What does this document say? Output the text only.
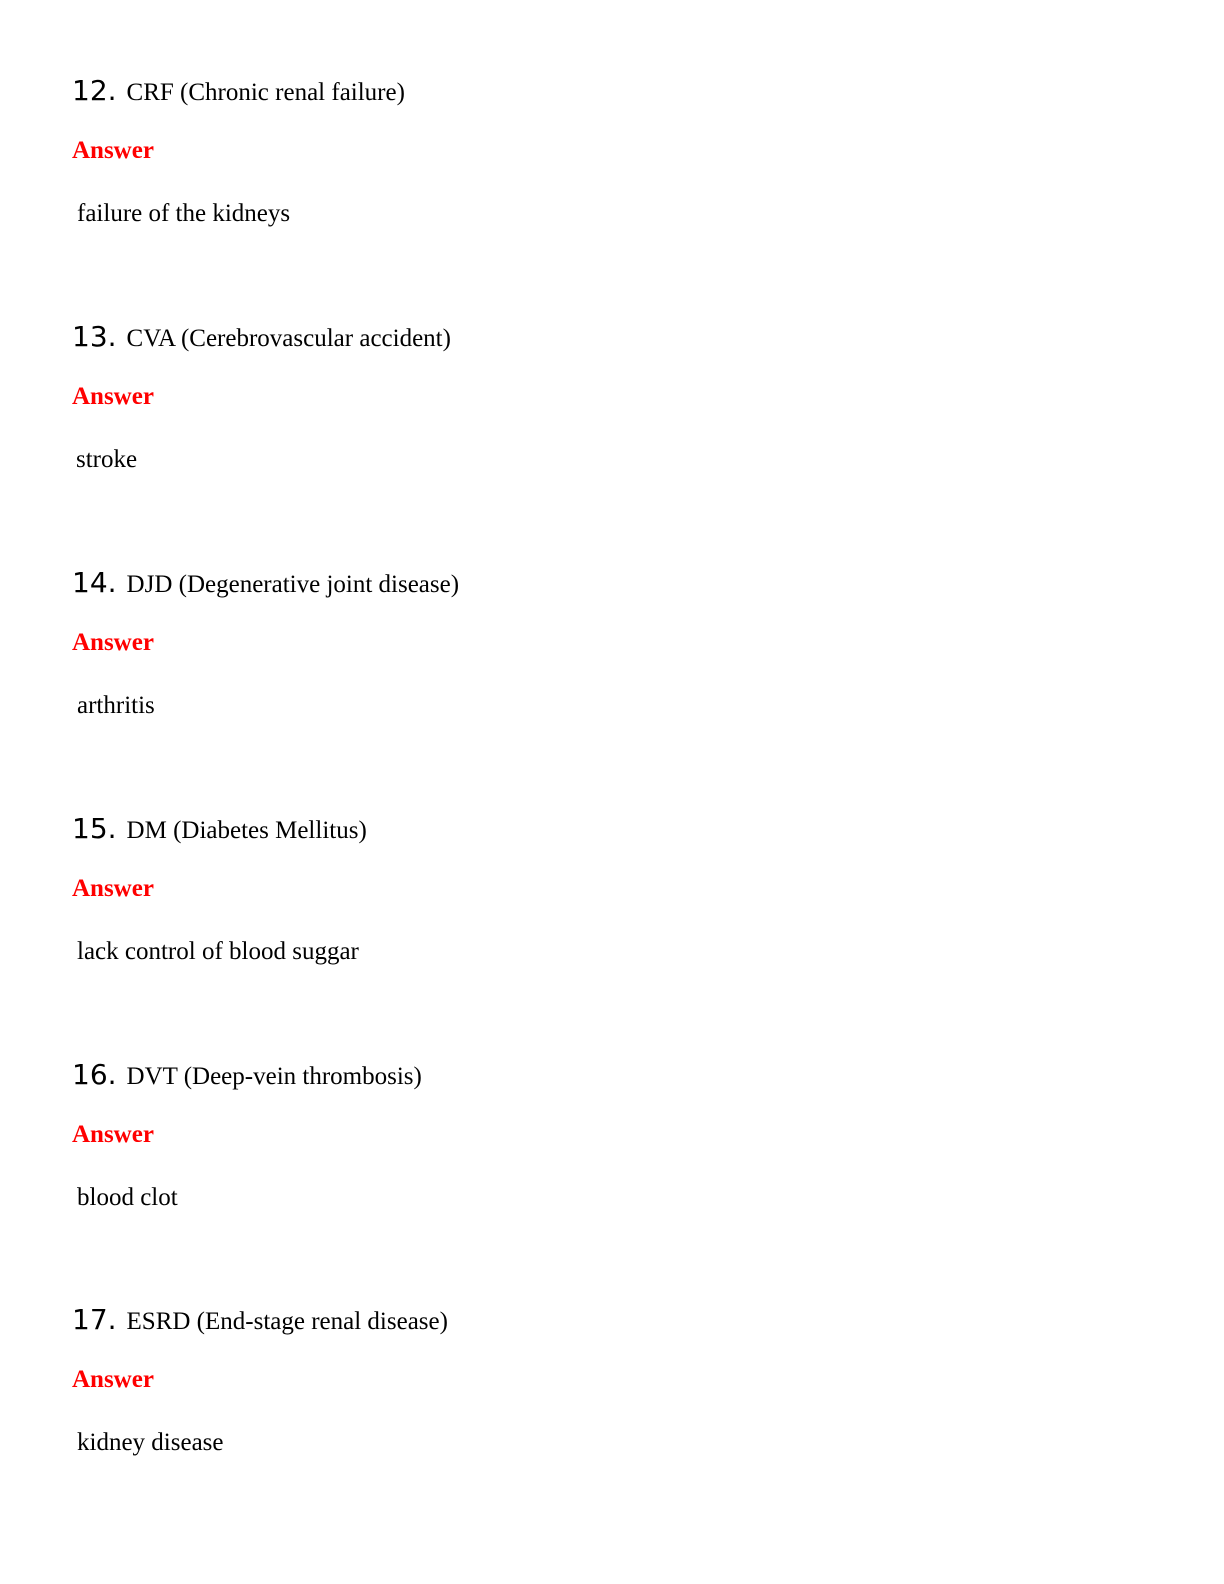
12. CRF (Chronic renal failure)
Answer
failure of the kidneys
13. CVA (Cerebrovascular accident)
Answer
stroke
14. DJD (Degenerative joint disease)
Answer
arthritis
15. DM (Diabetes Mellitus)
Answer
lack control of blood suggar
16. DVT (Deep-vein thrombosis)
Answer
blood clot
17. ESRD (End-stage renal disease)
Answer
kidney disease
